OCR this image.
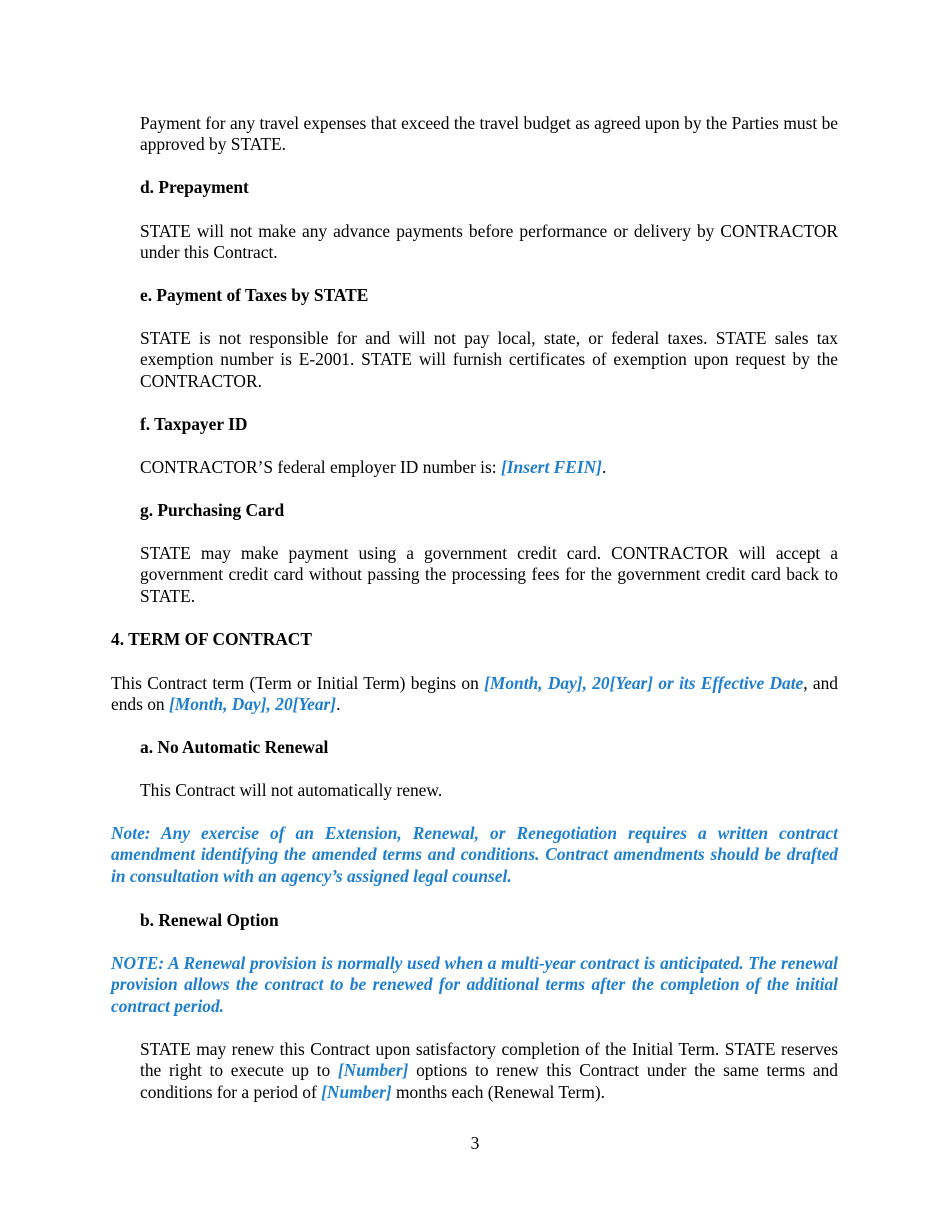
Payment for any travel expenses that exceed the travel budget as agreed upon by the Parties must be approved by STATE.

d. Prepayment

STATE will not make any advance payments before performance or delivery by CONTRACTOR under this Contract.

e. Payment of Taxes by STATE

STATE is not responsible for and will not pay local, state, or federal taxes. STATE sales tax exemption number is E-2001. STATE will furnish certificates of exemption upon request by the CONTRACTOR.

f. Taxpayer ID

CONTRACTOR’S federal employer ID number is: [Insert FEIN].

g. Purchasing Card

STATE may make payment using a government credit card. CONTRACTOR will accept a government credit card without passing the processing fees for the government credit card back to STATE.

4. TERM OF CONTRACT

This Contract term (Term or Initial Term) begins on [Month, Day], 20[Year] or its Effective Date, and ends on [Month, Day], 20[Year].

a. No Automatic Renewal

This Contract will not automatically renew.

Note: Any exercise of an Extension, Renewal, or Renegotiation requires a written contract amendment identifying the amended terms and conditions. Contract amendments should be drafted in consultation with an agency’s assigned legal counsel.

b. Renewal Option

NOTE: A Renewal provision is normally used when a multi-year contract is anticipated. The renewal provision allows the contract to be renewed for additional terms after the completion of the initial contract period.

STATE may renew this Contract upon satisfactory completion of the Initial Term. STATE reserves the right to execute up to [Number] options to renew this Contract under the same terms and conditions for a period of [Number] months each (Renewal Term).

3
